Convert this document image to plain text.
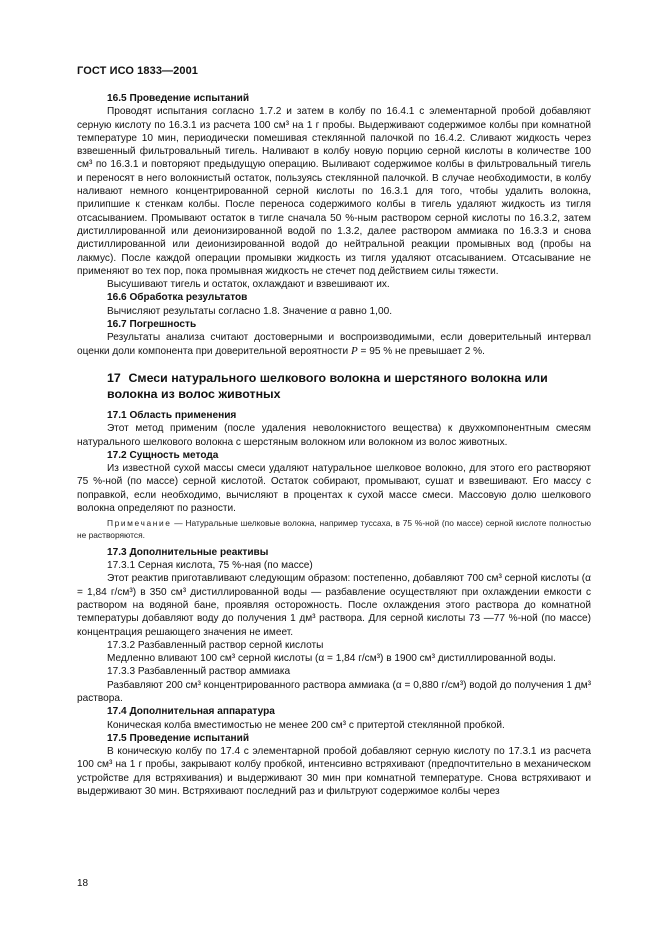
ГОСТ ИСО 1833—2001

16.5 Проведение испытаний

Проводят испытания согласно 1.7.2 и затем в колбу по 16.4.1 с элементарной пробой добавляют серную кислоту по 16.3.1 из расчета 100 см³ на 1 г пробы. Выдерживают содержимое колбы при комнатной температуре 10 мин, периодически помешивая стеклянной палочкой по 16.4.2. Сливают жидкость через взвешенный фильтровальный тигель. Наливают в колбу новую порцию серной кислоты в количестве 100 см³ по 16.3.1 и повторяют предыдущую операцию. Выливают содержимое колбы в фильтровальный тигель и переносят в него волокнистый остаток, пользуясь стеклянной палочкой. В случае необходимости, в колбу наливают немного концентрированной серной кислоты по 16.3.1 для того, чтобы удалить волокна, прилипшие к стенкам колбы. После переноса содержимого колбы в тигель удаляют жидкость из тигля отсасыванием. Промывают остаток в тигле сначала 50 %-ным раствором серной кислоты по 16.3.2, затем дистиллированной или деионизированной водой по 1.3.2, далее раствором аммиака по 16.3.3 и снова дистиллированной или деионизированной водой до нейтральной реакции промывных вод (пробы на лакмус). После каждой операции промывки жидкость из тигля удаляют отсасыванием. Отсасывание не применяют во тех пор, пока промывная жидкость не стечет под действием силы тяжести.

Высушивают тигель и остаток, охлаждают и взвешивают их.

16.6 Обработка результатов

Вычисляют результаты согласно 1.8. Значение α равно 1,00.

16.7 Погрешность

Результаты анализа считают достоверными и воспроизводимыми, если доверительный интервал оценки доли компонента при доверительной вероятности P = 95 % не превышает 2 %.

17 Смеси натурального шелкового волокна и шерстяного волокна или волокна из волос животных

17.1 Область применения

Этот метод применим (после удаления неволокнистого вещества) к двухкомпонентным смесям натурального шелкового волокна с шерстяным волокном или волокном из волос животных.

17.2 Сущность метода

Из известной сухой массы смеси удаляют натуральное шелковое волокно, для этого его растворяют 75 %-ной (по массе) серной кислотой. Остаток собирают, промывают, сушат и взвешивают. Его массу с поправкой, если необходимо, вычисляют в процентах к сухой массе смеси. Массовую долю шелкового волокна определяют по разности.

Примечание — Натуральные шелковые волокна, например туссаха, в 75 %-ной (по массе) серной кислоте полностью не растворяются.

17.3 Дополнительные реактивы

17.3.1 Серная кислота, 75 %-ная (по массе)

Этот реактив приготавливают следующим образом: постепенно, добавляют 700 см³ серной кислоты (α = 1,84 г/см³) в 350 см³ дистиллированной воды — разбавление осуществляют при охлаждении емкости с раствором на водяной бане, проявляя осторожность. После охлаждения этого раствора до комнатной температуры добавляют воду до получения 1 дм³ раствора. Для серной кислоты 73 —77 %-ной (по массе) концентрация решающего значения не имеет.

17.3.2 Разбавленный раствор серной кислоты

Медленно вливают 100 см³ серной кислоты (α = 1,84 г/см³) в 1900 см³ дистиллированной воды.

17.3.3 Разбавленный раствор аммиака

Разбавляют 200 см³ концентрированного раствора аммиака (α = 0,880 г/см³) водой до получения 1 дм³ раствора.

17.4 Дополнительная аппаратура

Коническая колба вместимостью не менее 200 см³ с притертой стеклянной пробкой.

17.5 Проведение испытаний

В коническую колбу по 17.4 с элементарной пробой добавляют серную кислоту по 17.3.1 из расчета 100 см³ на 1 г пробы, закрывают колбу пробкой, интенсивно встряхивают (предпочтительно в механическом устройстве для встряхивания) и выдерживают 30 мин при комнатной температуре. Снова встряхивают и выдерживают 30 мин. Встряхивают последний раз и фильтруют содержимое колбы через

18
